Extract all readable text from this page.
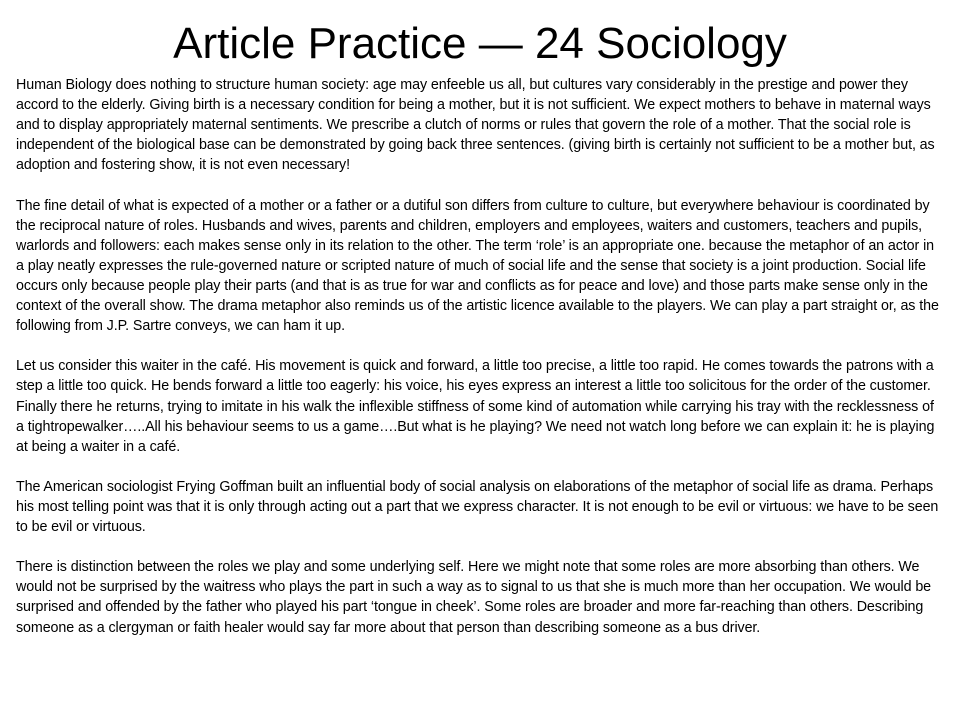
Article Practice — 24 Sociology

Human Biology does nothing to structure human society: age may enfeeble us all, but cultures vary considerably in the prestige and power they accord to the elderly. Giving birth is a necessary condition for being a mother, but it is not sufficient. We expect mothers to behave in maternal ways and to display appropriately maternal sentiments. We prescribe a clutch of norms or rules that govern the role of a mother. That the social role is independent of the biological base can be demonstrated by going back three sentences. (giving birth is certainly not sufficient to be a mother but, as adoption and fostering show, it is not even necessary!

The fine detail of what is expected of a mother or a father or a dutiful son differs from culture to culture, but everywhere behaviour is coordinated by the reciprocal nature of roles. Husbands and wives, parents and children, employers and employees, waiters and customers, teachers and pupils, warlords and followers: each makes sense only in its relation to the other. The term ‘role’ is an appropriate one. because the metaphor of an actor in a play neatly expresses the rule-governed nature or scripted nature of much of social life and the sense that society is a joint production. Social life occurs only because people play their parts (and that is as true for war and conflicts as for peace and love) and those parts make sense only in the context of the overall show. The drama metaphor also reminds us of the artistic licence available to the players. We can play a part straight or, as the following from J.P. Sartre conveys, we can ham it up.

Let us consider this waiter in the café. His movement is quick and forward, a little too precise, a little too rapid. He comes towards the patrons with a step a little too quick. He bends forward a little too eagerly: his voice, his eyes express an interest a little too solicitous for the order of the customer. Finally there he returns, trying to imitate in his walk the inflexible stiffness of some kind of automation while carrying his tray with the recklessness of a tightropewalker…..All his behaviour seems to us a game….But what is he playing? We need not watch long before we can explain it: he is playing at being a waiter in a café.

The American sociologist Frying Goffman built an influential body of social analysis on elaborations of the metaphor of social life as drama. Perhaps his most telling point was that it is only through acting out a part that we express character. It is not enough to be evil or virtuous: we have to be seen to be evil or virtuous.

There is distinction between the roles we play and some underlying self. Here we might note that some roles are more absorbing than others. We would not be surprised by the waitress who plays the part in such a way as to signal to us that she is much more than her occupation. We would be surprised and offended by the father who played his part ‘tongue in cheek’. Some roles are broader and more far-reaching than others. Describing someone as a clergyman or faith healer would say far more about that person than describing someone as a bus driver.
